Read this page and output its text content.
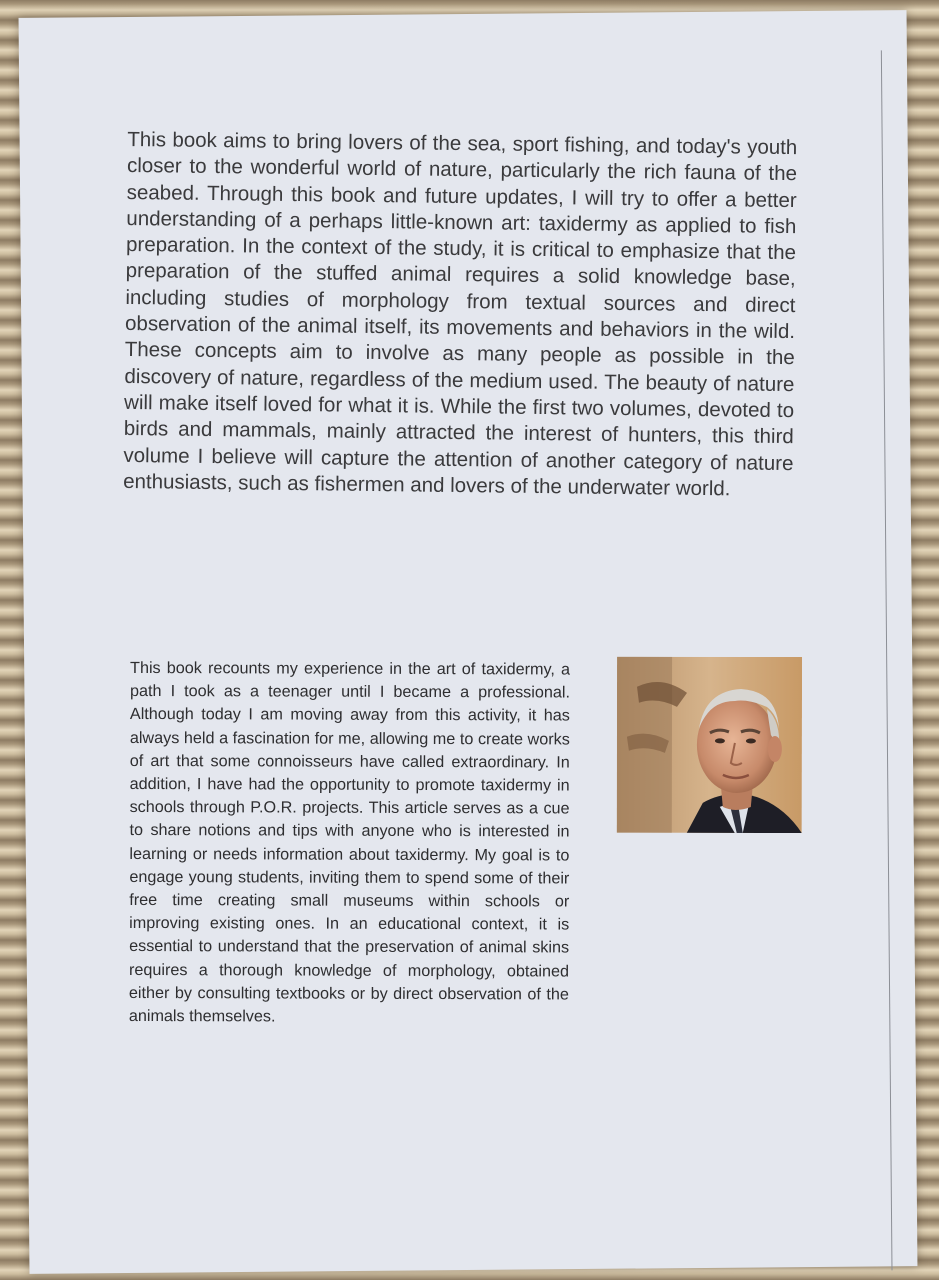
This book aims to bring lovers of the sea, sport fishing, and today's youth closer to the wonderful world of nature, particularly the rich fauna of the seabed. Through this book and future updates, I will try to offer a better understanding of a perhaps little-known art: taxidermy as applied to fish preparation. In the context of the study, it is critical to emphasize that the preparation of the stuffed animal requires a solid knowledge base, including studies of morphology from textual sources and direct observation of the animal itself, its movements and behaviors in the wild. These concepts aim to involve as many people as possible in the discovery of nature, regardless of the medium used. The beauty of nature will make itself loved for what it is. While the first two volumes, devoted to birds and mammals, mainly attracted the interest of hunters, this third volume I believe will capture the attention of another category of nature enthusiasts, such as fishermen and lovers of the underwater world.

This book recounts my experience in the art of taxidermy, a path I took as a teenager until I became a professional. Although today I am moving away from this activity, it has always held a fascination for me, allowing me to create works of art that some connoisseurs have called extraordinary. In addition, I have had the opportunity to promote taxidermy in schools through P.O.R. projects. This article serves as a cue to share notions and tips with anyone who is interested in learning or needs information about taxidermy. My goal is to engage young students, inviting them to spend some of their free time creating small museums within schools or improving existing ones. In an educational context, it is essential to understand that the preservation of animal skins requires a thorough knowledge of morphology, obtained either by consulting textbooks or by direct observation of the animals themselves.
